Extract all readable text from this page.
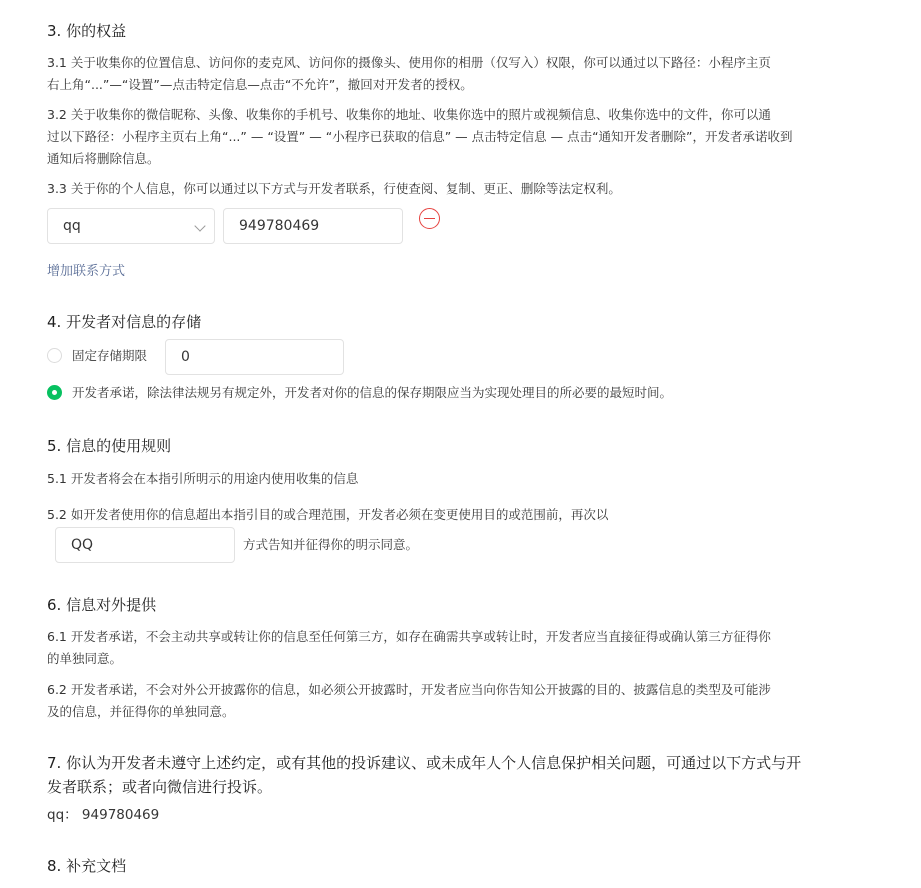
3. 你的权益
3.1 关于收集你的位置信息、访问你的麦克风、访问你的摄像头、使用你的相册（仅写入）权限，你可以通过以下路径：小程序主页
右上角“...”—“设置”—点击特定信息—点击“不允许”，撤回对开发者的授权。
3.2 关于收集你的微信昵称、头像、收集你的手机号、收集你的地址、收集你选中的照片或视频信息、收集你选中的文件，你可以通
过以下路径：小程序主页右上角“...” — “设置” — “小程序已获取的信息” — 点击特定信息 — 点击“通知开发者删除”，开发者承诺收到
通知后将删除信息。
3.3 关于你的个人信息，你可以通过以下方式与开发者联系，行使查阅、复制、更正、删除等法定权利。
qq	949780469
增加联系方式
4. 开发者对信息的存储
固定存储期限	0
开发者承诺，除法律法规另有规定外，开发者对你的信息的保存期限应当为实现处理目的所必要的最短时间。
5. 信息的使用规则
5.1 开发者将会在本指引所明示的用途内使用收集的信息
5.2 如开发者使用你的信息超出本指引目的或合理范围，开发者必须在变更使用目的或范围前，再次以
QQ	方式告知并征得你的明示同意。
6. 信息对外提供
6.1 开发者承诺，不会主动共享或转让你的信息至任何第三方，如存在确需共享或转让时，开发者应当直接征得或确认第三方征得你
的单独同意。
6.2 开发者承诺，不会对外公开披露你的信息，如必须公开披露时，开发者应当向你告知公开披露的目的、披露信息的类型及可能涉
及的信息，并征得你的单独同意。
7. 你认为开发者未遵守上述约定，或有其他的投诉建议、或未成年人个人信息保护相关问题，可通过以下方式与开
发者联系；或者向微信进行投诉。
qq： 949780469
8. 补充文档
